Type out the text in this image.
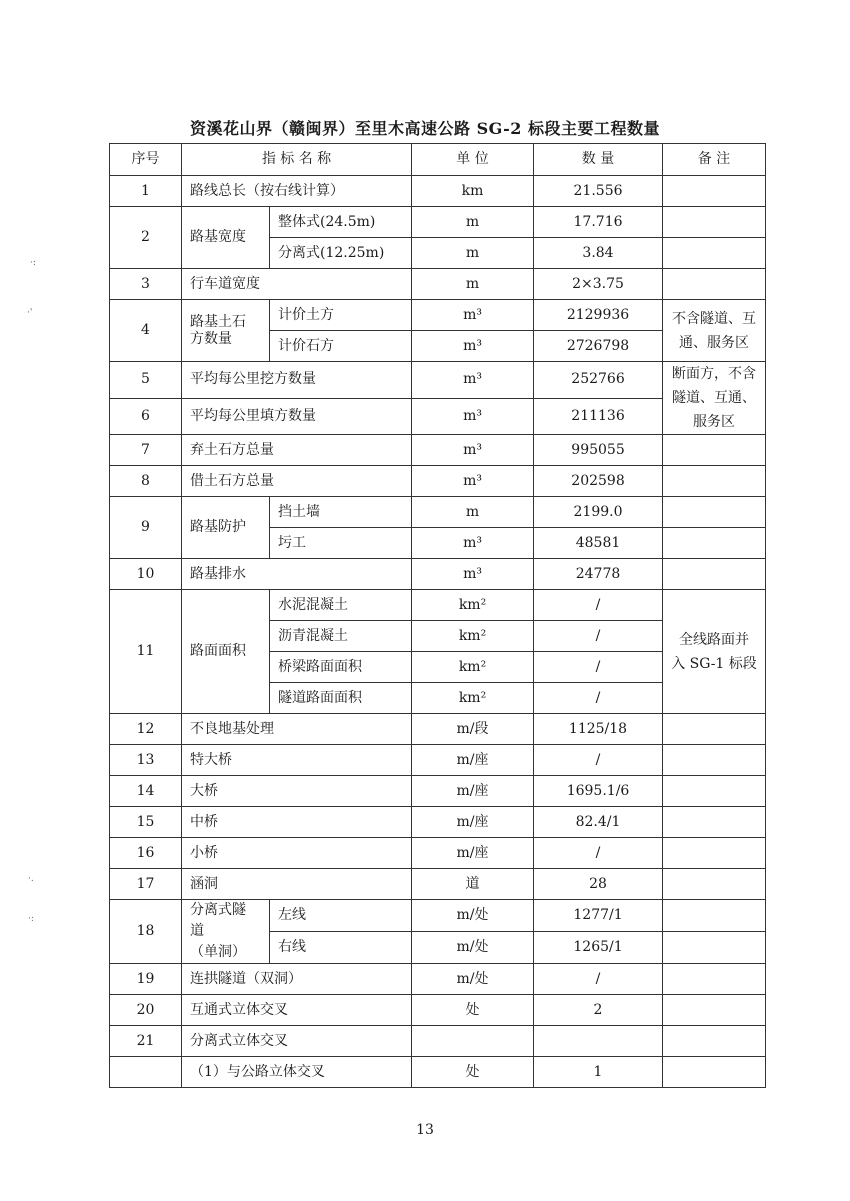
资溪花山界（赣闽界）至里木高速公路 SG-2 标段主要工程数量
序号	指 标 名 称		单 位	数 量	备 注
1	路线总长（按右线计算）		km	21.556	
2	路基宽度	整体式(24.5m)	m	17.716	
		分离式(12.25m)	m	3.84	
3	行车道宽度		m	2×3.75	
4	路基土石
方数量	计价土方	m³	2129936	不含隧道、互
通、服务区
		计价石方	m³	2726798	
5	平均每公里挖方数量		m³	252766	断面方，不含
隧道、互通、
服务区
6	平均每公里填方数量		m³	211136	
7	弃土石方总量		m³	995055	
8	借土石方总量		m³	202598	
9	路基防护	挡土墙	m	2199.0	
		圬工	m³	48581	
10	路基排水		m³	24778	
11	路面面积	水泥混凝土	km²	/	全线路面并
入 SG-1 标段
		沥青混凝土	km²	/	
		桥梁路面面积	km²	/	
		隧道路面面积	km²	/	
12	不良地基处理		m/段	1125/18	
13	特大桥		m/座	/	
14	大桥		m/座	1695.1/6	
15	中桥		m/座	82.4/1	
16	小桥		m/座	/	
17	涵洞		道	28	
18	分离式隧
道
（单洞）	左线	m/处	1277/1	
		右线	m/处	1265/1	
19	连拱隧道（双洞）		m/处	/	
20	互通式立体交叉		处	2	
21	分离式立体交叉				
	（1）与公路立体交叉		处	1	
13
·:
·'
·.
·:
